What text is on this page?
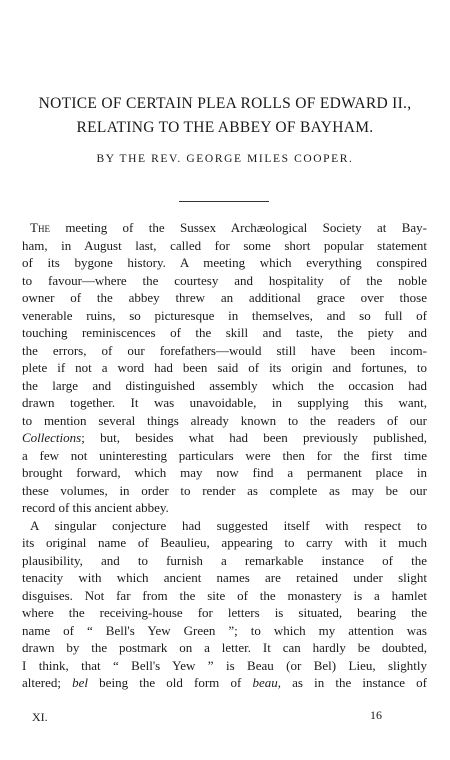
NOTICE OF CERTAIN PLEA ROLLS OF EDWARD II.,
RELATING TO THE ABBEY OF BAYHAM.
BY THE REV. GEORGE MILES COOPER.
The meeting of the Sussex Archæological Society at Bay-
ham, in August last, called for some short popular statement
of its bygone history. A meeting which everything conspired
to favour—where the courtesy and hospitality of the noble
owner of the abbey threw an additional grace over those
venerable ruins, so picturesque in themselves, and so full of
touching reminiscences of the skill and taste, the piety and
the errors, of our forefathers—would still have been incom-
plete if not a word had been said of its origin and fortunes, to
the large and distinguished assembly which the occasion had
drawn together. It was unavoidable, in supplying this want,
to mention several things already known to the readers of our
Collections; but, besides what had been previously published,
a few not uninteresting particulars were then for the first time
brought forward, which may now find a permanent place in
these volumes, in order to render as complete as may be our
record of this ancient abbey.
A singular conjecture had suggested itself with respect to
its original name of Beaulieu, appearing to carry with it much
plausibility, and to furnish a remarkable instance of the
tenacity with which ancient names are retained under slight
disguises. Not far from the site of the monastery is a hamlet
where the receiving-house for letters is situated, bearing the
name of “ Bell's Yew Green ”; to which my attention was
drawn by the postmark on a letter. It can hardly be doubted,
I think, that “ Bell's Yew ” is Beau (or Bel) Lieu, slightly
altered; bel being the old form of beau, as in the instance of
XI.	16
